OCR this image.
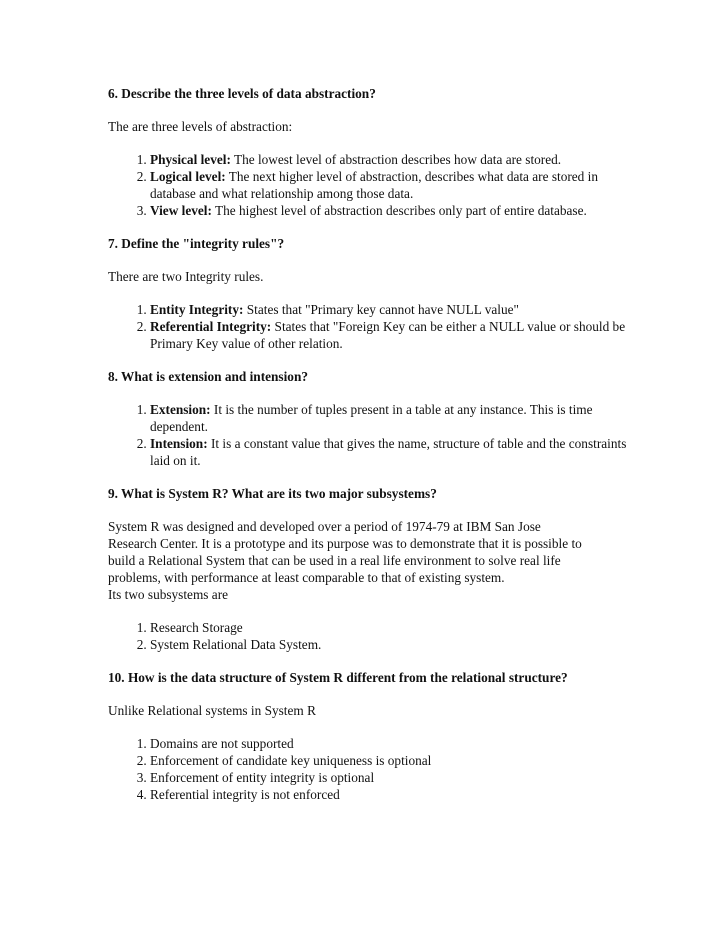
6. Describe the three levels of data abstraction?

The are three levels of abstraction:

1. Physical level: The lowest level of abstraction describes how data are stored.
2. Logical level: The next higher level of abstraction, describes what data are stored in database and what relationship among those data.
3. View level: The highest level of abstraction describes only part of entire database.

7. Define the "integrity rules"?

There are two Integrity rules.

1. Entity Integrity: States that "Primary key cannot have NULL value"
2. Referential Integrity: States that "Foreign Key can be either a NULL value or should be Primary Key value of other relation.

8. What is extension and intension?

1. Extension: It is the number of tuples present in a table at any instance. This is time dependent.
2. Intension: It is a constant value that gives the name, structure of table and the constraints laid on it.

9. What is System R? What are its two major subsystems?

System R was designed and developed over a period of 1974-79 at IBM San Jose
Research Center. It is a prototype and its purpose was to demonstrate that it is possible to
build a Relational System that can be used in a real life environment to solve real life
problems, with performance at least comparable to that of existing system.
Its two subsystems are

1. Research Storage
2. System Relational Data System.

10. How is the data structure of System R different from the relational structure?

Unlike Relational systems in System R

1. Domains are not supported
2. Enforcement of candidate key uniqueness is optional
3. Enforcement of entity integrity is optional
4. Referential integrity is not enforced
